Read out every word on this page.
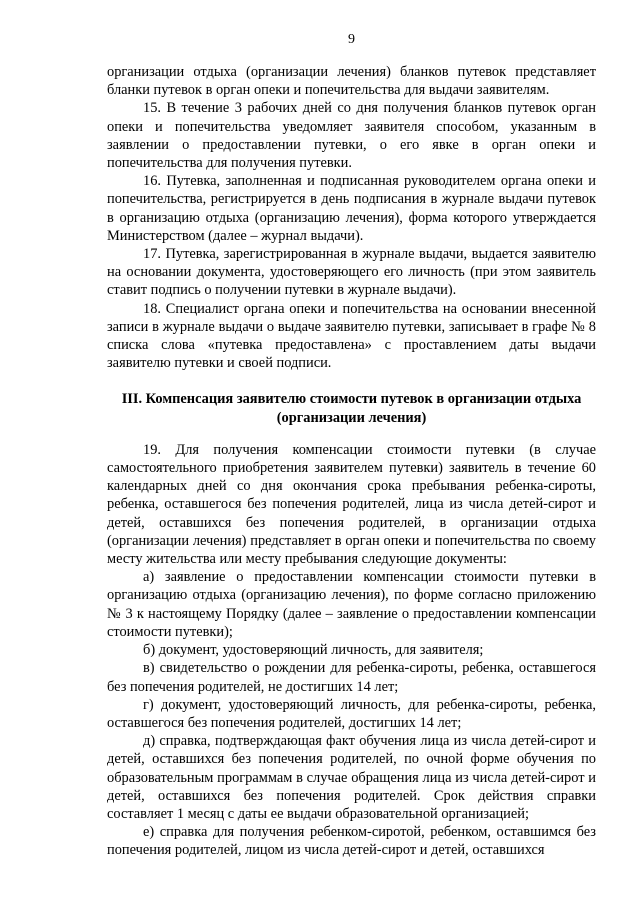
9

организации отдыха (организации лечения) бланков путевок представляет бланки путевок в орган опеки и попечительства для выдачи заявителям.

15. В течение 3 рабочих дней со дня получения бланков путевок орган опеки и попечительства уведомляет заявителя способом, указанным в заявлении о предоставлении путевки, о его явке в орган опеки и попечительства для получения путевки.

16. Путевка, заполненная и подписанная руководителем органа опеки и попечительства, регистрируется в день подписания в журнале выдачи путевок в организацию отдыха (организацию лечения), форма которого утверждается Министерством (далее – журнал выдачи).

17. Путевка, зарегистрированная в журнале выдачи, выдается заявителю на основании документа, удостоверяющего его личность (при этом заявитель ставит подпись о получении путевки в журнале выдачи).

18. Специалист органа опеки и попечительства на основании внесенной записи в журнале выдачи о выдаче заявителю путевки, записывает в графе № 8 списка слова «путевка предоставлена» с проставлением даты выдачи заявителю путевки и своей подписи.

III. Компенсация заявителю стоимости путевок в организации отдыха (организации лечения)

19. Для получения компенсации стоимости путевки (в случае самостоятельного приобретения заявителем путевки) заявитель в течение 60 календарных дней со дня окончания срока пребывания ребенка-сироты, ребенка, оставшегося без попечения родителей, лица из числа детей-сирот и детей, оставшихся без попечения родителей, в организации отдыха (организации лечения) представляет в орган опеки и попечительства по своему месту жительства или месту пребывания следующие документы:

а) заявление о предоставлении компенсации стоимости путевки в организацию отдыха (организацию лечения), по форме согласно приложению № 3 к настоящему Порядку (далее – заявление о предоставлении компенсации стоимости путевки);

б) документ, удостоверяющий личность, для заявителя;

в) свидетельство о рождении для ребенка-сироты, ребенка, оставшегося без попечения родителей, не достигших 14 лет;

г) документ, удостоверяющий личность, для ребенка-сироты, ребенка, оставшегося без попечения родителей, достигших 14 лет;

д) справка, подтверждающая факт обучения лица из числа детей-сирот и детей, оставшихся без попечения родителей, по очной форме обучения по образовательным программам в случае обращения лица из числа детей-сирот и детей, оставшихся без попечения родителей. Срок действия справки составляет 1 месяц с даты ее выдачи образовательной организацией;

е) справка для получения ребенком-сиротой, ребенком, оставшимся без попечения родителей, лицом из числа детей-сирот и детей, оставшихся
